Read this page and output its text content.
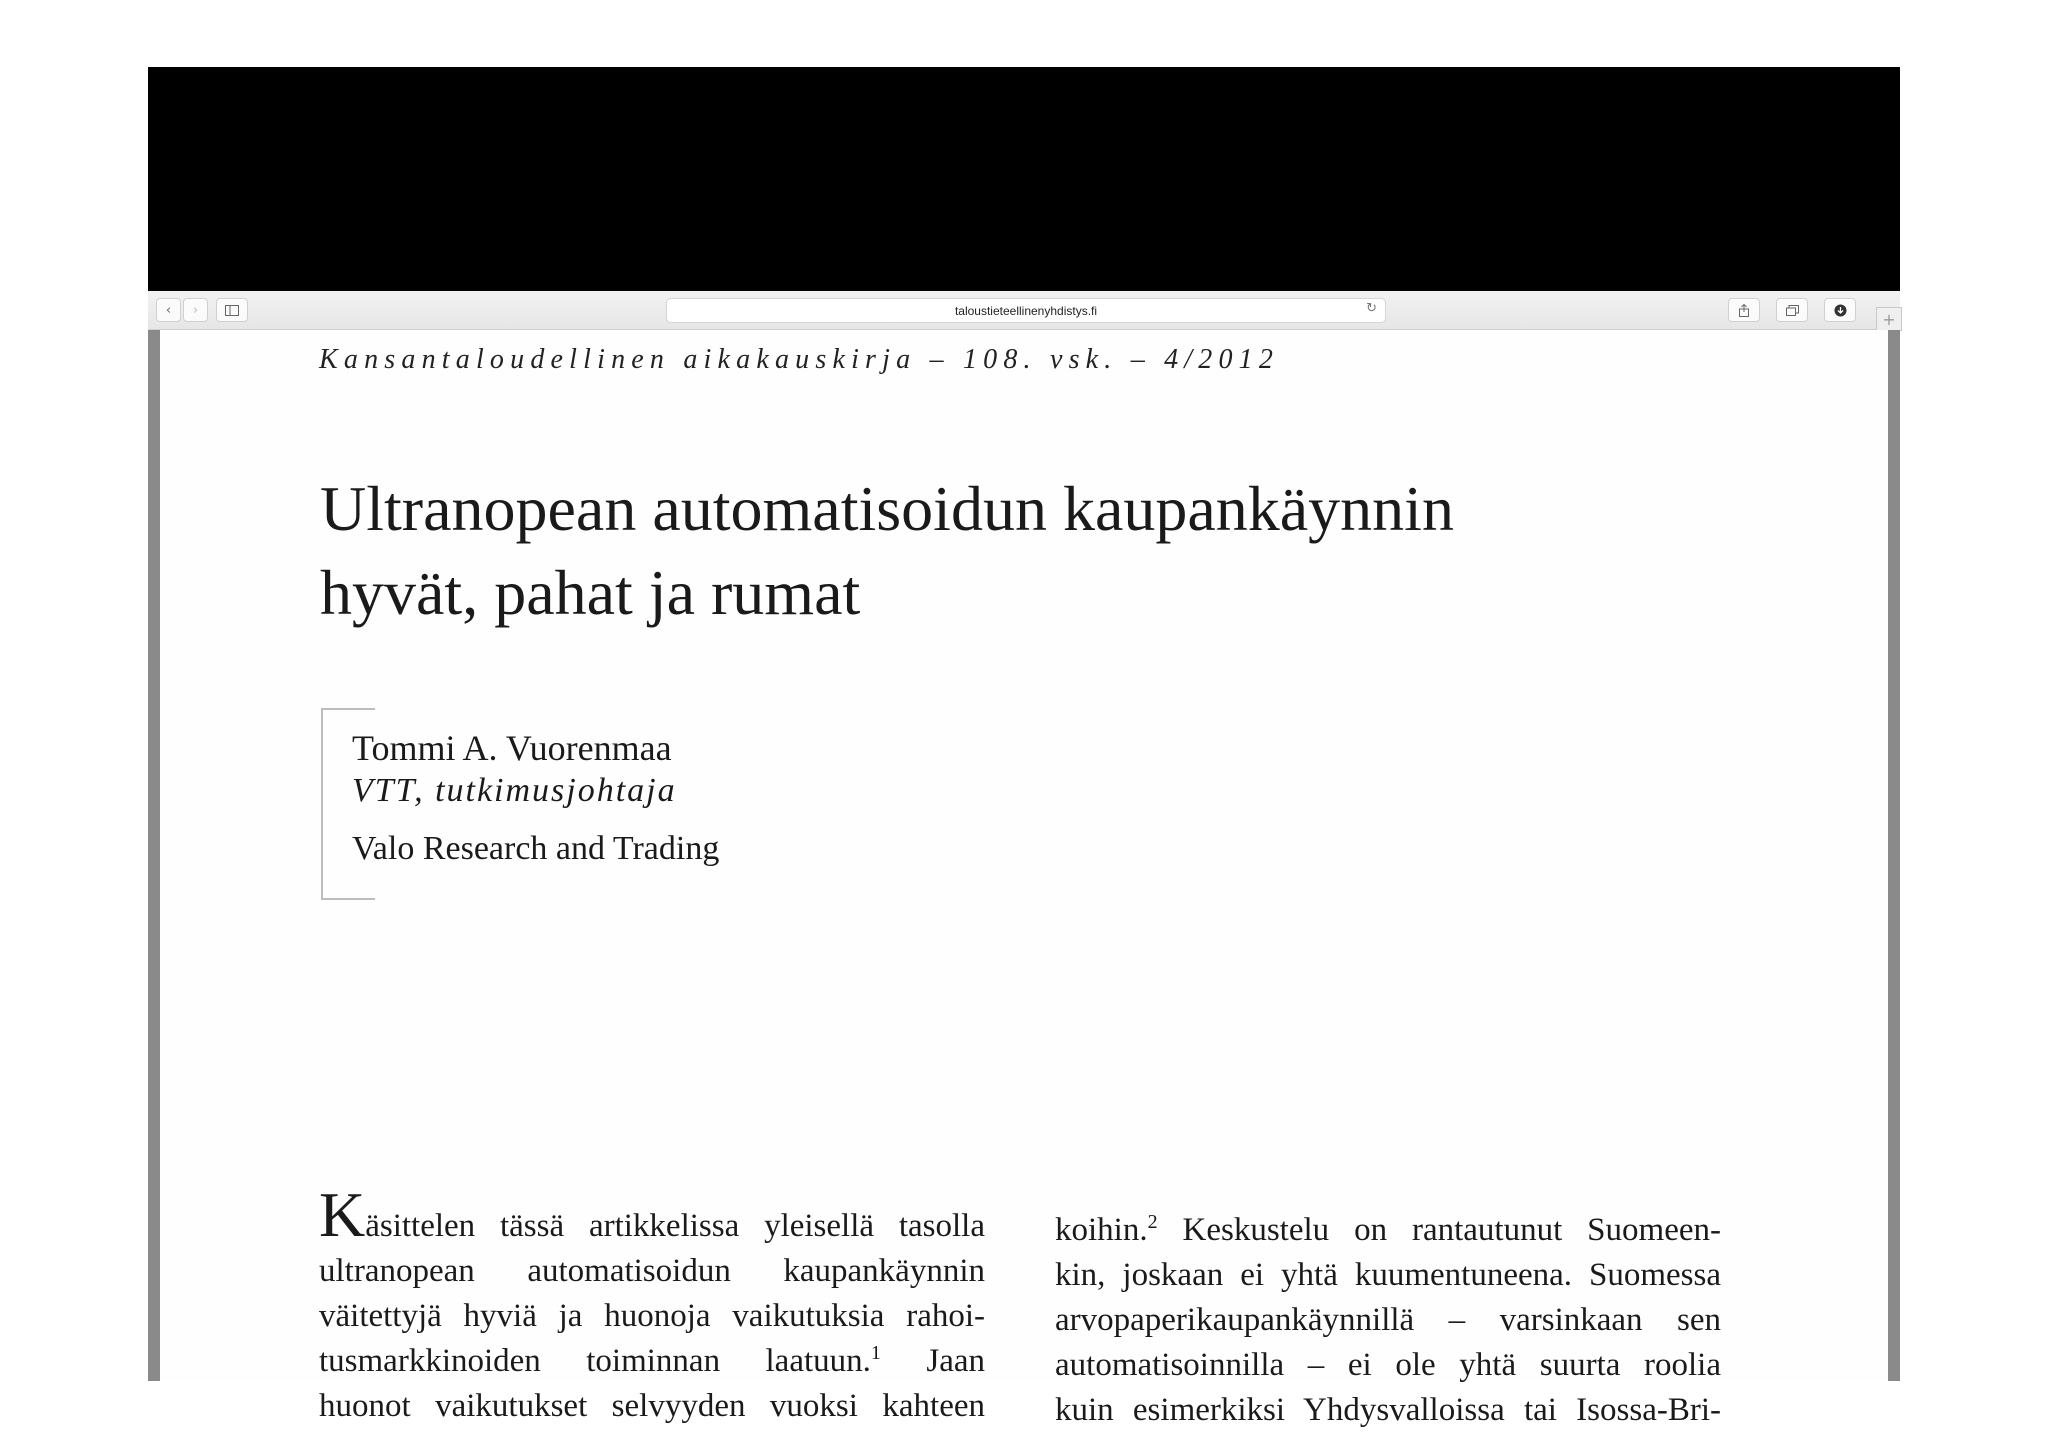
‹ ›	taloustieteellinenyhdistys.fi	↻
+
Kansantaloudellinen aikakauskirja – 108. vsk. – 4/2012
Ultranopean automatisoidun kaupankäynnin
hyvät, pahat ja rumat
Tommi A. Vuorenmaa
VTT, tutkimusjohtaja
Valo Research and Trading
Käsittelen tässä artikkelissa yleisellä tasolla
ultranopean automatisoidun kaupankäynnin
väitettyjä hyviä ja huonoja vaikutuksia rahoi-
tusmarkkinoiden toiminnan laatuun.$^1$ Jaan
huonot vaikutukset selvyyden vuoksi kahteen
koihin.$^2$ Keskustelu on rantautunut Suomeen-
kin, joskaan ei yhtä kuumentuneena. Suomessa
arvopaperikaupankäynnillä – varsinkaan sen
automatisoinnilla – ei ole yhtä suurta roolia
kuin esimerkiksi Yhdysvalloissa tai Isossa-Bri-
